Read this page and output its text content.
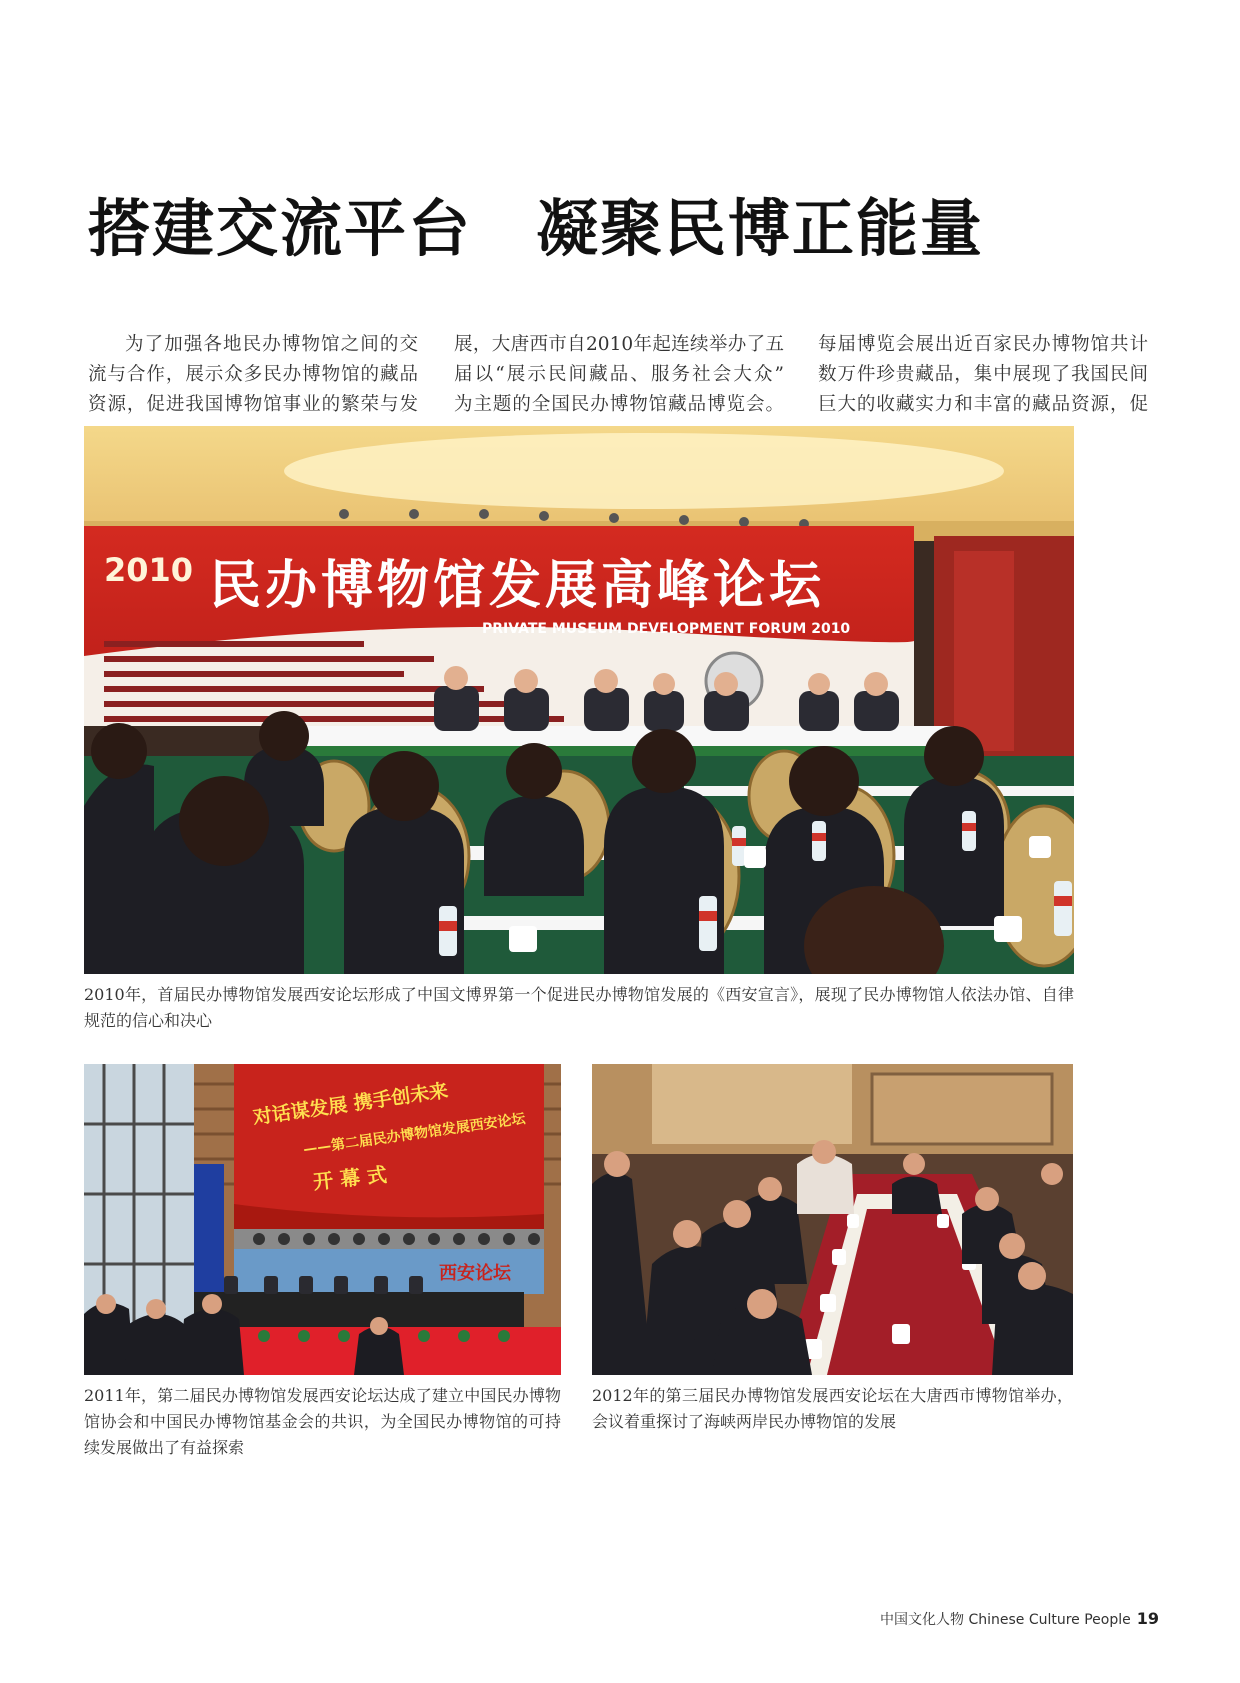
搭建交流平台　凝聚民博正能量

为了加强各地民办博物馆之间的交

流与合作，展示众多民办博物馆的藏品

资源，促进我国博物馆事业的繁荣与发

展，大唐西市自2010年起连续举办了五

届以“展示民间藏品、服务社会大众”

为主题的全国民办博物馆藏品博览会。

每届博览会展出近百家民办博物馆共计

数万件珍贵藏品，集中展现了我国民间

巨大的收藏实力和丰富的藏品资源，促

2010 民办博物馆发展高峰论坛
PRIVATE MUSEUM DEVELOPMENT FORUM 2010
2010年，首届民办博物馆发展西安论坛形成了中国文博界第一个促进民办博物馆发展的《西安宣言》，展现了民办博物馆人依法办馆、自律规范的信心和决心
对话谋发展 携手创未来
——第二届民办博物馆发展西安论坛
开 幕 式
西安论坛
2011年，第二届民办博物馆发展西安论坛达成了建立中国民办博物馆协会和中国民办博物馆基金会的共识，为全国民办博物馆的可持续发展做出了有益探索
2012年的第三届民办博物馆发展西安论坛在大唐西市博物馆举办，会议着重探讨了海峡两岸民办博物馆的发展
中国文化人物 Chinese Culture People 19
